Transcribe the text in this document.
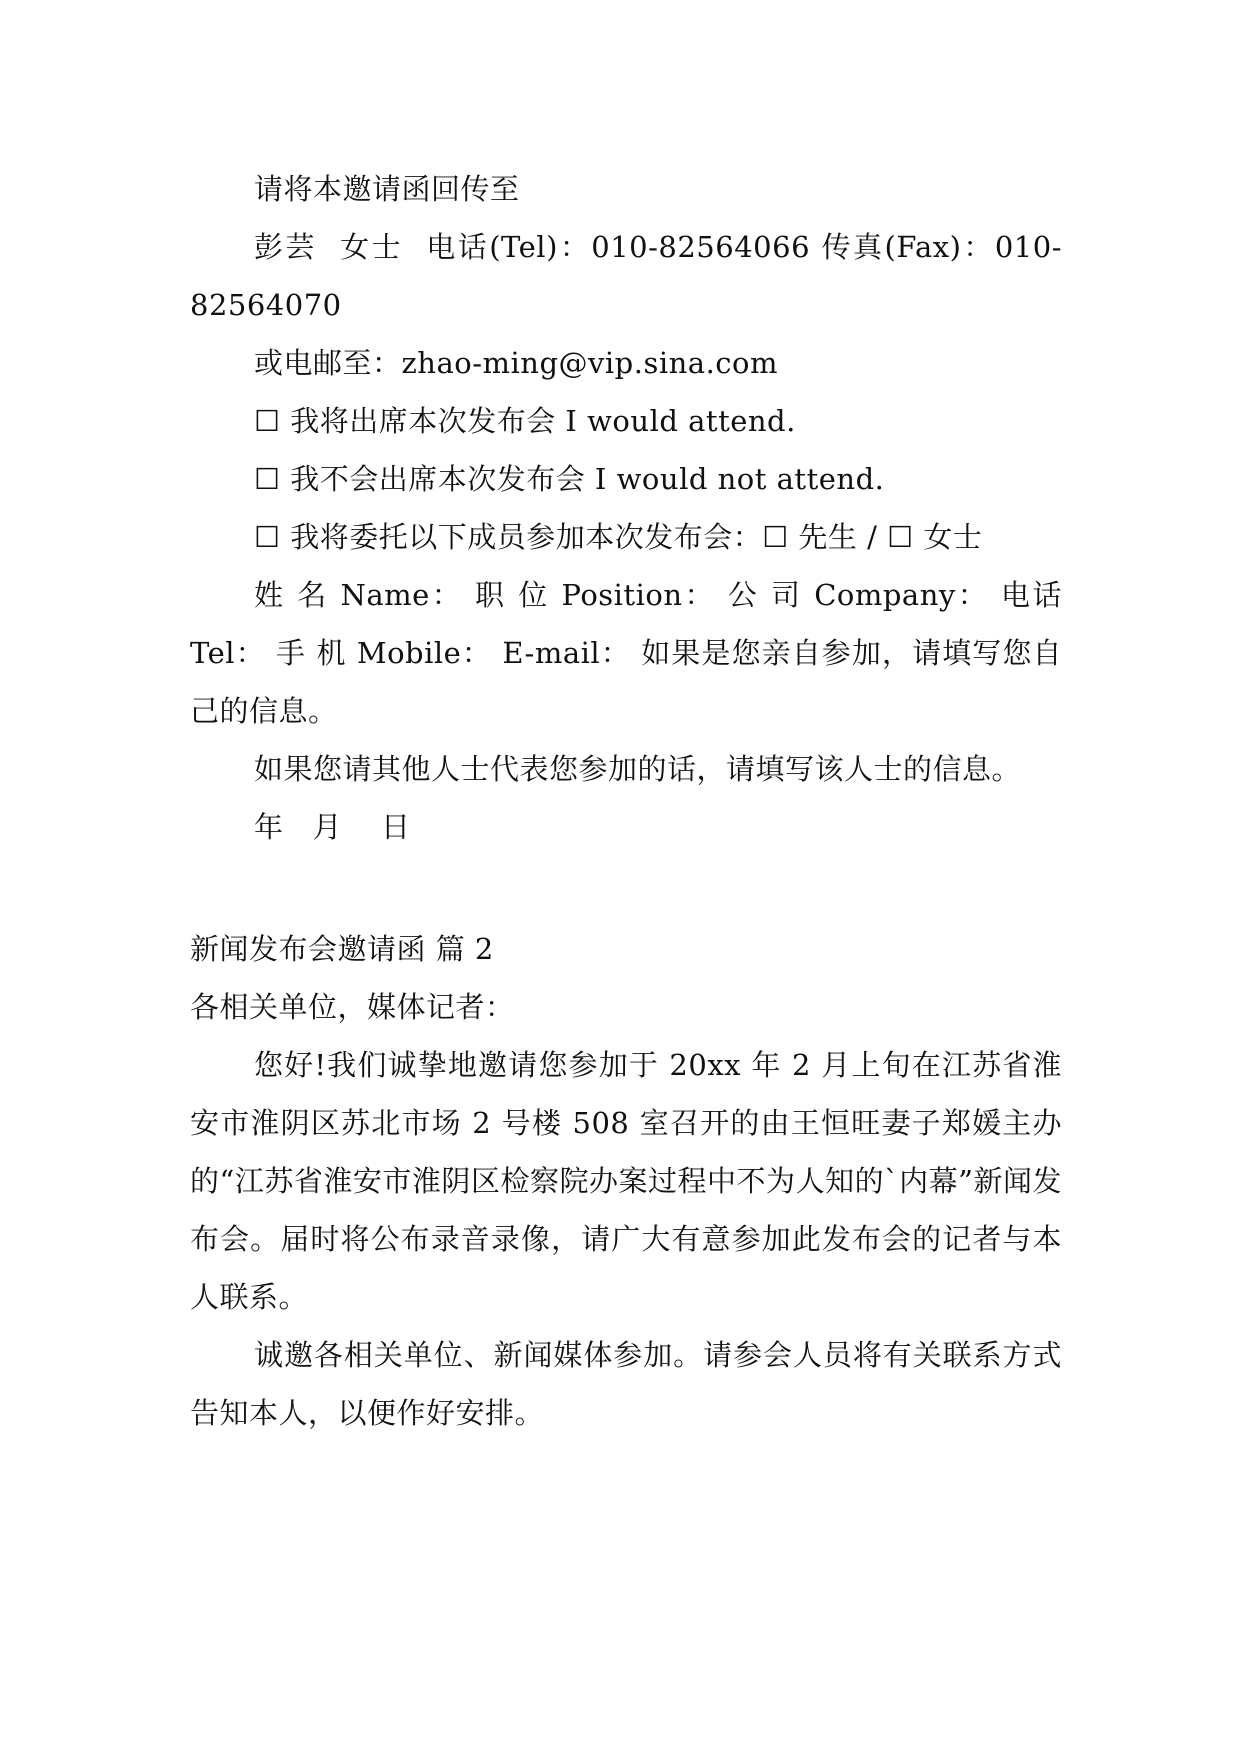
请将本邀请函回传至

彭芸  女士  电话(Tel)：010-82564066 传真(Fax)：010-82564070

或电邮至：zhao-ming@vip.sina.com

☐ 我将出席本次发布会 I would attend.

☐ 我不会出席本次发布会 I would not attend.

☐ 我将委托以下成员参加本次发布会：☐ 先生 / ☐ 女士

姓 名 Name： 职 位 Position： 公 司 Company： 电话 Tel： 手 机 Mobile： E-mail： 如果是您亲自参加，请填写您自己的信息。

如果您请其他人士代表您参加的话，请填写该人士的信息。

年   月    日

新闻发布会邀请函 篇 2

各相关单位，媒体记者：

您好!我们诚挚地邀请您参加于 20xx 年 2 月上旬在江苏省淮安市淮阴区苏北市场 2 号楼 508 室召开的由王恒旺妻子郑媛主办的“江苏省淮安市淮阴区检察院办案过程中不为人知的`内幕”新闻发布会。届时将公布录音录像，请广大有意参加此发布会的记者与本人联系。

诚邀各相关单位、新闻媒体参加。请参会人员将有关联系方式告知本人，以便作好安排。
